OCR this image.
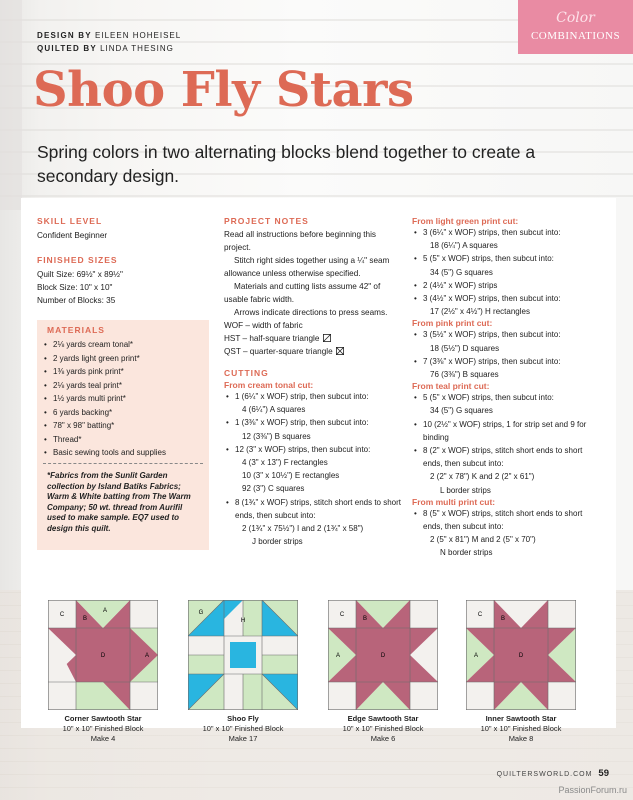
DESIGN BY EILEEN HOHEISEL
QUILTED BY LINDA THESING
Color
COMBINATIONS
Shoo Fly Stars
Spring colors in two alternating blocks blend together to create a secondary design.
SKILL LEVEL
Confident Beginner
FINISHED SIZES
Quilt Size: 69½" x 89½"
Block Size: 10" x 10"
Number of Blocks: 35
MATERIALS
• 2⅛ yards cream tonal*
• 2 yards light green print*
• 1⅜ yards pink print*
• 2⅛ yards teal print*
• 1½ yards multi print*
• 6 yards backing*
• 78" x 98" batting*
• Thread*
• Basic sewing tools and supplies
*Fabrics from the Sunlit Garden collection by Island Batiks Fabrics; Warm & White batting from The Warm Company; 50 wt. thread from Aurifil used to make sample. EQ7 used to design this quilt.
PROJECT NOTES
Read all instructions before beginning this project.
Stitch right sides together using a ¼" seam allowance unless otherwise specified.
Materials and cutting lists assume 42" of usable fabric width.
Arrows indicate directions to press seams.
WOF – width of fabric
HST – half-square triangle
QST – quarter-square triangle
CUTTING
From cream tonal cut:
• 1 (6¼" x WOF) strip, then subcut into:
4 (6¼") A squares
• 1 (3⅜" x WOF) strip, then subcut into:
12 (3⅜") B squares
• 12 (3" x WOF) strips, then subcut into:
4 (3" x 13") F rectangles
10 (3" x 10½") E rectangles
92 (3") C squares
• 8 (1¾" x WOF) strips, stitch short ends to short ends, then subcut into:
2 (1¾" x 75½") I and 2 (1¾" x 58")
J border strips
From light green print cut:
• 3 (6¼" x WOF) strips, then subcut into:
18 (6¼") A squares
• 5 (5" x WOF) strips, then subcut into:
34 (5") G squares
• 2 (4½" x WOF) strips
• 3 (4½" x WOF) strips, then subcut into:
17 (2½" x 4½") H rectangles
From pink print cut:
• 3 (5½" x WOF) strips, then subcut into:
18 (5½") D squares
• 7 (3⅜" x WOF) strips, then subcut into:
76 (3⅜") B squares
From teal print cut:
• 5 (5" x WOF) strips, then subcut into:
34 (5") G squares
• 10 (2½" x WOF) strips, 1 for strip set and 9 for binding
• 8 (2" x WOF) strips, stitch short ends to short ends, then subcut into:
2 (2" x 78") K and 2 (2" x 61")
L border strips
From multi print cut:
• 8 (5" x WOF) strips, stitch short ends to short ends, then subcut into:
2 (5" x 81") M and 2 (5" x 70")
N border strips
C
B
A
D	A
G
H
C
B
A	D
C
B
A	D
Corner Sawtooth Star
10" x 10" Finished Block
Make 4
Shoo Fly
10" x 10" Finished Block
Make 17
Edge Sawtooth Star
10" x 10" Finished Block
Make 6
Inner Sawtooth Star
10" x 10" Finished Block
Make 8
QUILTERSWORLD.COM 59
PassionForum.ru
